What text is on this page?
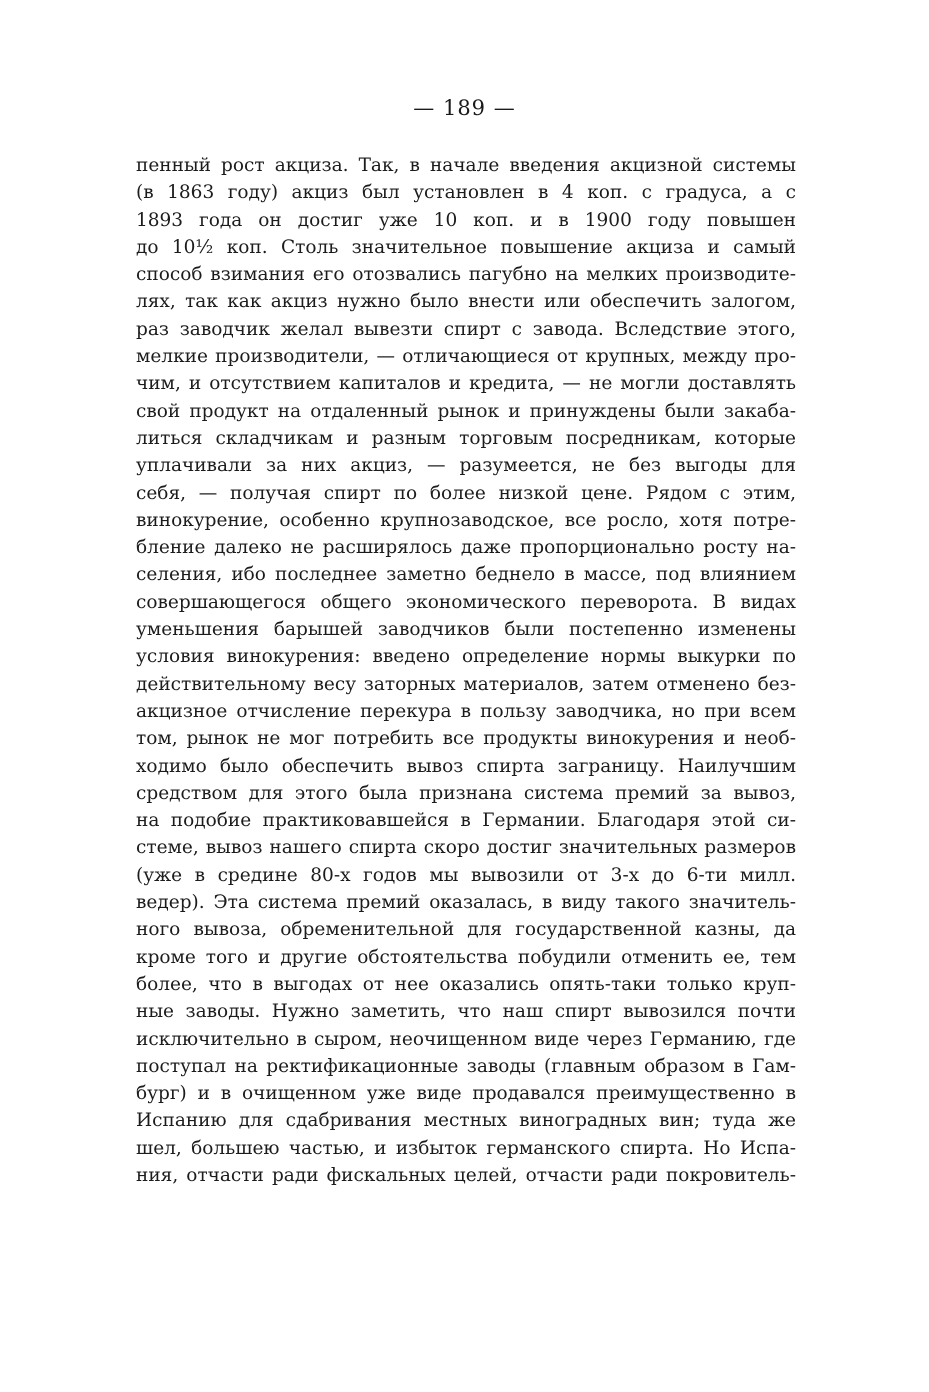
— 189 —
пенный рост акциза. Так, в начале введения акцизной системы
(в 1863 году) акциз был установлен в 4 коп. с градуса, а с
1893 года он достиг уже 10 коп. и в 1900 году повышен
до 10½ коп. Столь значительное повышение акциза и самый
способ взимания его отозвались пагубно на мелких производите-
лях, так как акциз нужно было внести или обеспечить залогом,
раз заводчик желал вывезти спирт с завода. Вследствие этого,
мелкие производители, — отличающиеся от крупных, между про-
чим, и отсутствием капиталов и кредита, — не могли доставлять
свой продукт на отдаленный рынок и принуждены были закаба-
литься складчикам и разным торговым посредникам, которые
уплачивали за них акциз, — разумеется, не без выгоды для
себя, — получая спирт по более низкой цене. Рядом с этим,
винокурение, особенно крупнозаводское, все росло, хотя потре-
бление далеко не расширялось даже пропорционально росту на-
селения, ибо последнее заметно беднело в массе, под влиянием
совершающегося общего экономического переворота. В видах
уменьшения барышей заводчиков были постепенно изменены
условия винокурения: введено определение нормы выкурки по
действительному весу заторных материалов, затем отменено без-
акцизное отчисление перекура в пользу заводчика, но при всем
том, рынок не мог потребить все продукты винокурения и необ-
ходимо было обеспечить вывоз спирта заграницу. Наилучшим
средством для этого была признана система премий за вывоз,
на подобие практиковавшейся в Германии. Благодаря этой си-
стеме, вывоз нашего спирта скоро достиг значительных размеров
(уже в средине 80-х годов мы вывозили от 3-х до 6-ти милл.
ведер). Эта система премий оказалась, в виду такого значитель-
ного вывоза, обременительной для государственной казны, да
кроме того и другие обстоятельства побудили отменить ее, тем
более, что в выгодах от нее оказались опять-таки только круп-
ные заводы. Нужно заметить, что наш спирт вывозился почти
исключительно в сыром, неочищенном виде через Германию, где
поступал на ректификационные заводы (главным образом в Гам-
бург) и в очищенном уже виде продавался преимущественно в
Испанию для сдабривания местных виноградных вин; туда же
шел, большею частью, и избыток германского спирта. Но Испа-
ния, отчасти ради фискальных целей, отчасти ради покровитель-
